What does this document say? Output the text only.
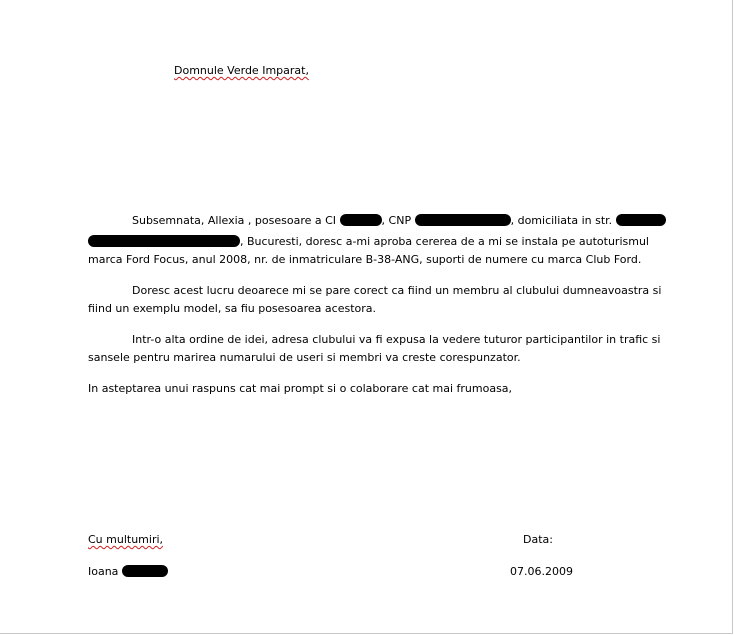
Domnule Verde Imparat,
Subsemnata, Allexia , posesoare a CI	, CNP	, domiciliata in str.
, Bucuresti, doresc a-mi aproba cererea de a mi se instala pe autoturismul
marca Ford Focus, anul 2008, nr. de inmatriculare B-38-ANG, suporti de numere cu marca Club Ford.
Doresc acest lucru deoarece mi se pare corect ca fiind un membru al clubului dumneavoastra si
fiind un exemplu model, sa fiu posesoarea acestora.
Intr-o alta ordine de idei, adresa clubului va fi expusa la vedere tuturor participantilor in trafic si
sansele pentru marirea numarului de useri si membri va creste corespunzator.
In asteptarea unui raspuns cat mai prompt si o colaborare cat mai frumoasa,
Cu multumiri,	Data:
Ioana	07.06.2009
